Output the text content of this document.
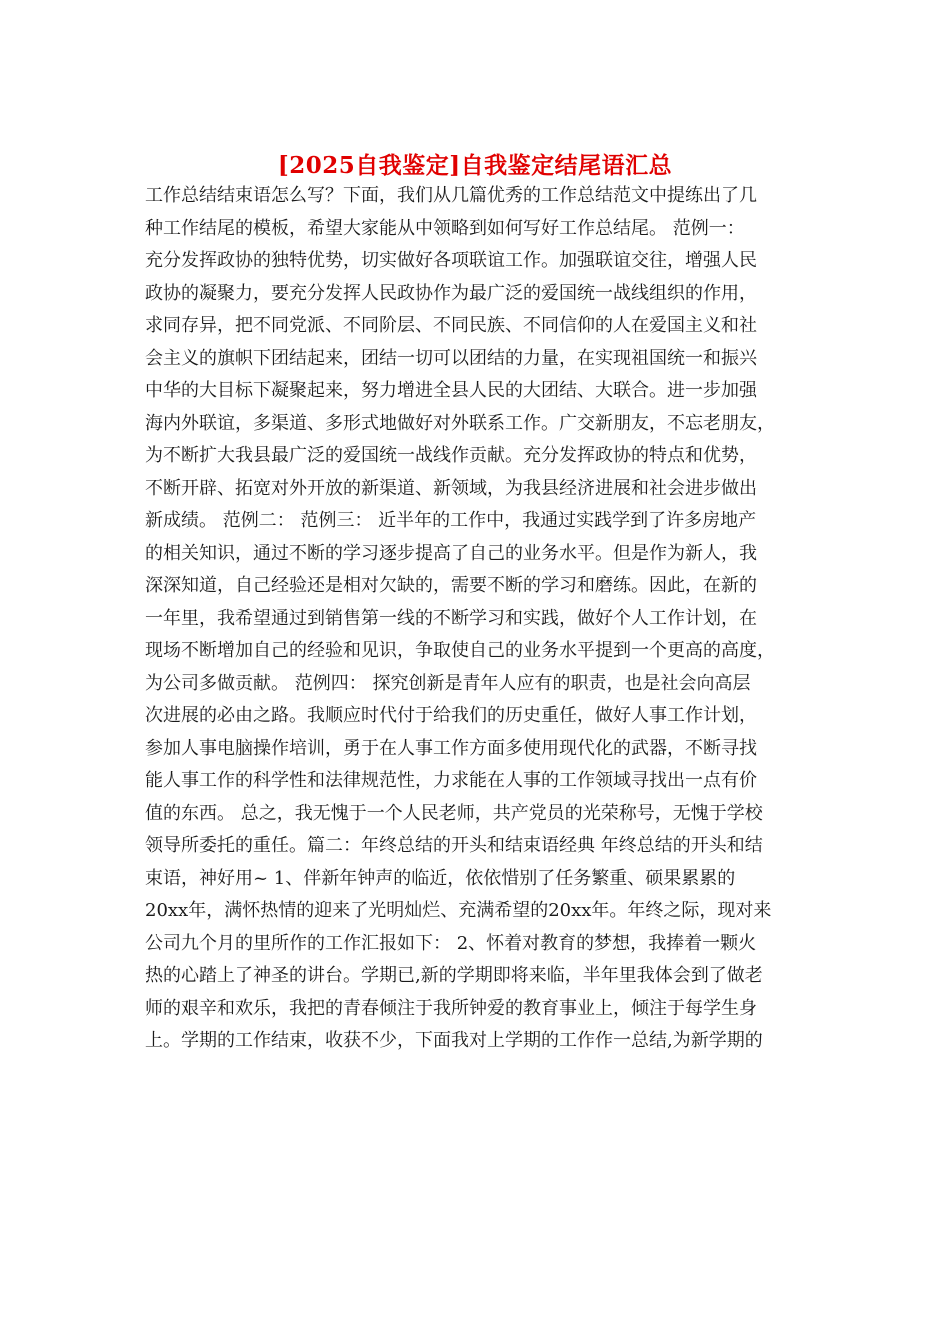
[2025自我鉴定]自我鉴定结尾语汇总
工作总结结束语怎么写？下面，我们从几篇优秀的工作总结范文中提练出了几
种工作结尾的模板，希望大家能从中领略到如何写好工作总结尾。 范例一：
充分发挥政协的独特优势，切实做好各项联谊工作。加强联谊交往，增强人民
政协的凝聚力，要充分发挥人民政协作为最广泛的爱国统一战线组织的作用，
求同存异，把不同党派、不同阶层、不同民族、不同信仰的人在爱国主义和社
会主义的旗帜下团结起来，团结一切可以团结的力量，在实现祖国统一和振兴
中华的大目标下凝聚起来，努力增进全县人民的大团结、大联合。进一步加强
海内外联谊，多渠道、多形式地做好对外联系工作。广交新朋友，不忘老朋友，
为不断扩大我县最广泛的爱国统一战线作贡献。充分发挥政协的特点和优势，
不断开辟、拓宽对外开放的新渠道、新领域，为我县经济进展和社会进步做出
新成绩。 范例二： 范例三： 近半年的工作中，我通过实践学到了许多房地产
的相关知识，通过不断的学习逐步提高了自己的业务水平。但是作为新人，我
深深知道，自己经验还是相对欠缺的，需要不断的学习和磨练。因此，在新的
一年里，我希望通过到销售第一线的不断学习和实践，做好个人工作计划，在
现场不断增加自己的经验和见识，争取使自己的业务水平提到一个更高的高度，
为公司多做贡献。 范例四： 探究创新是青年人应有的职责，也是社会向高层
次进展的必由之路。我顺应时代付于给我们的历史重任，做好人事工作计划，
参加人事电脑操作培训，勇于在人事工作方面多使用现代化的武器，不断寻找
能人事工作的科学性和法律规范性，力求能在人事的工作领域寻找出一点有价
值的东西。 总之，我无愧于一个人民老师，共产党员的光荣称号，无愧于学校
领导所委托的重任。篇二：年终总结的开头和结束语经典 年终总结的开头和结
束语，神好用~ 1、伴新年钟声的临近，依依惜别了任务繁重、硕果累累的
20xx年，满怀热情的迎来了光明灿烂、充满希望的20xx年。年终之际，现对来
公司九个月的里所作的工作汇报如下： 2、怀着对教育的梦想，我捧着一颗火
热的心踏上了神圣的讲台。学期已,新的学期即将来临，半年里我体会到了做老
师的艰辛和欢乐，我把的青春倾注于我所钟爱的教育事业上，倾注于每学生身
上。学期的工作结束，收获不少，下面我对上学期的工作作一总结,为新学期的
